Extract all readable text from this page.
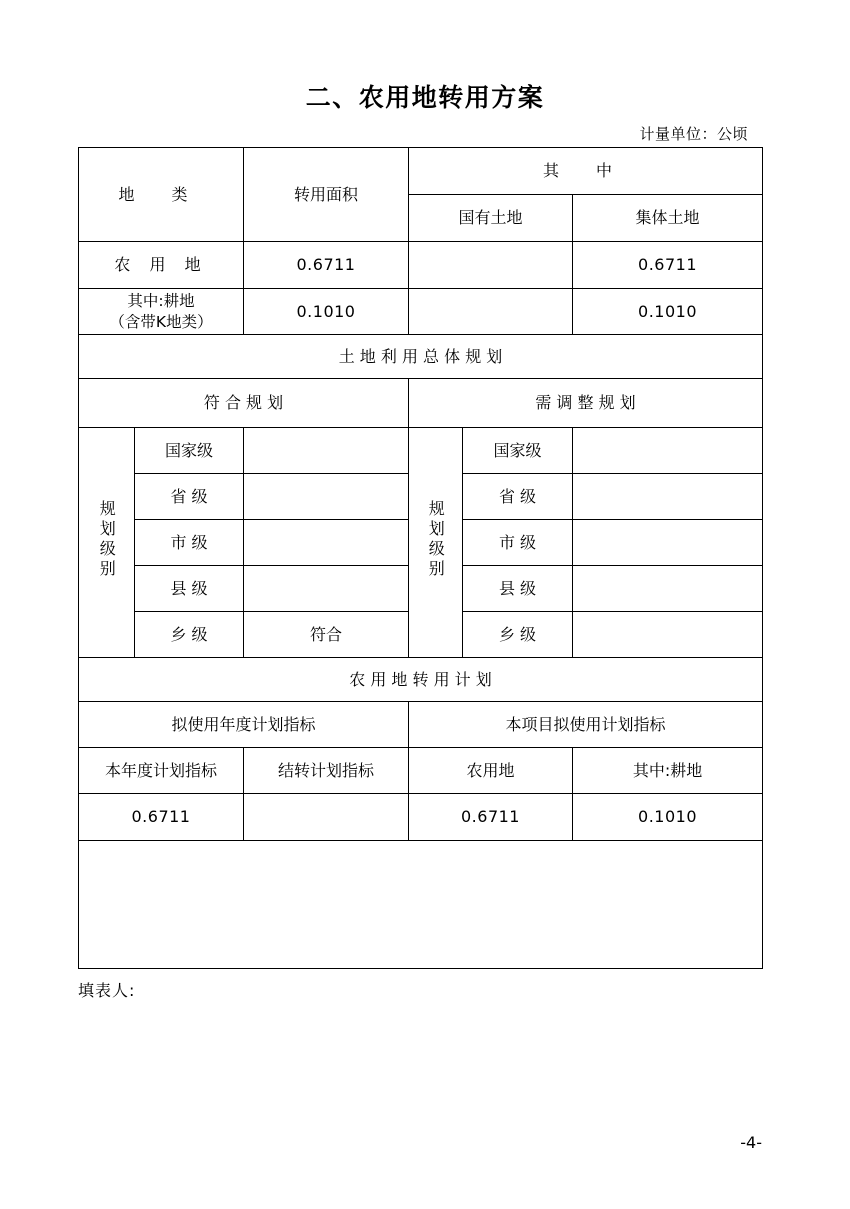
二、农用地转用方案
计量单位：公顷
地 类		转用面积	其 中		
			国有土地		集体土地
农 用 地		0.6711			0.6711

其中:耕地
（含带K地类）		0.1010			0.1010
土 地 利 用 总 体 规 划					
符 合 规 划			需 调 整 规 划		
规划级别	国家级		规划级别	国家级	
	省 级			省 级	
	市 级			市 级	
	县 级			县 级	
	乡 级	符合		乡 级	
农 用 地 转 用 计 划					
拟使用年度计划指标			本项目拟使用计划指标		
本年度计划指标		结转计划指标	农用地		其中:耕地
0.6711			0.6711		0.1010

填表人:
-4-
